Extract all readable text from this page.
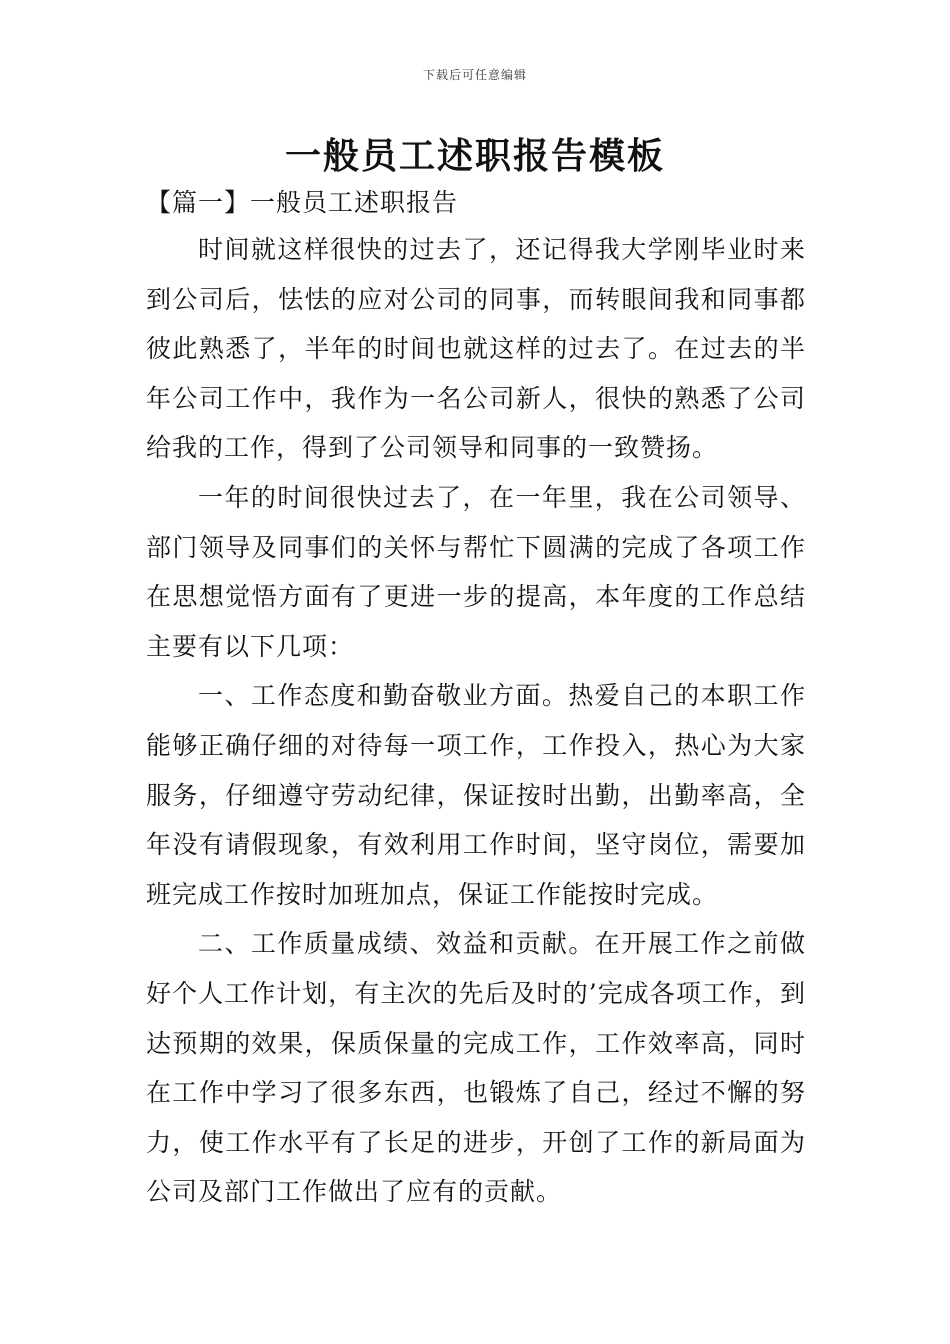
下载后可任意编辑
一般员工述职报告模板
【篇一】一般员工述职报告

时间就这样很快的过去了，还记得我大学刚毕业时来到公司后，怯怯的应对公司的同事，而转眼间我和同事都彼此熟悉了，半年的时间也就这样的过去了。在过去的半年公司工作中，我作为一名公司新人，很快的熟悉了公司给我的工作，得到了公司领导和同事的一致赞扬。

一年的时间很快过去了，在一年里，我在公司领导、部门领导及同事们的关怀与帮忙下圆满的完成了各项工作在思想觉悟方面有了更进一步的提高，本年度的工作总结主要有以下几项：

一、工作态度和勤奋敬业方面。热爱自己的本职工作能够正确仔细的对待每一项工作，工作投入，热心为大家服务，仔细遵守劳动纪律，保证按时出勤，出勤率高，全年没有请假现象，有效利用工作时间，坚守岗位，需要加班完成工作按时加班加点，保证工作能按时完成。

二、工作质量成绩、效益和贡献。在开展工作之前做好个人工作计划，有主次的先后及时的’完成各项工作，到达预期的效果，保质保量的完成工作，工作效率高，同时在工作中学习了很多东西，也锻炼了自己，经过不懈的努力，使工作水平有了长足的进步，开创了工作的新局面为公司及部门工作做出了应有的贡献。
